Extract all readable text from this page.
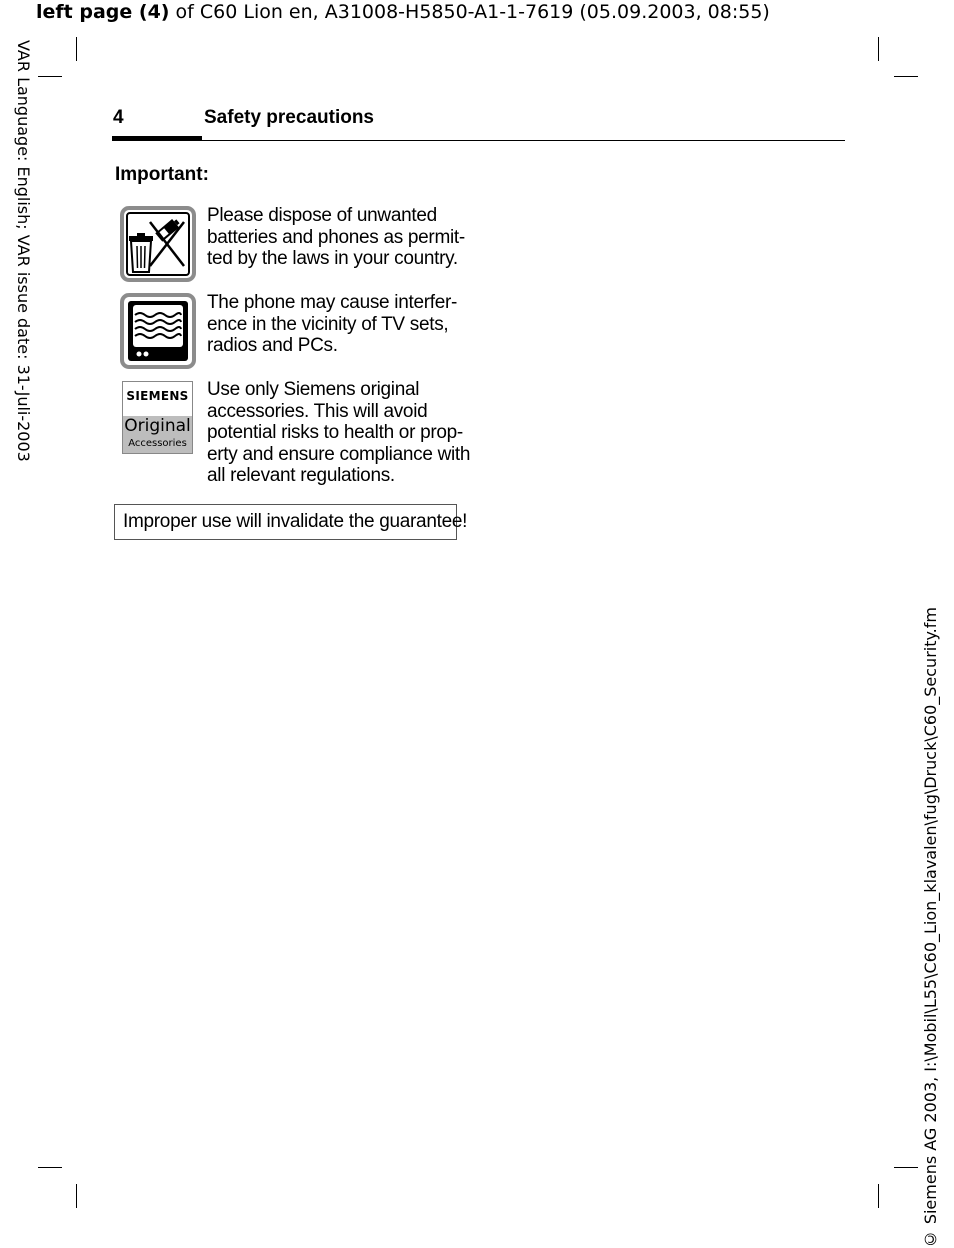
left page (4) of C60 Lion en, A31008-H5850-A1-1-7619 (05.09.2003, 08:55)
VAR Language: English; VAR issue date: 31-Juli-2003
© Siemens AG 2003, I:\Mobil\L55\C60_Lion_klavalen\fug\Druck\C60_Security.fm
4	Safety precautions
Important:
Please dispose of unwanted
batteries and phones as permit-
ted by the laws in your country.
The phone may cause interfer-
ence in the vicinity of TV sets,
radios and PCs.
SIEMENS
Original
Accessories
Use only Siemens original
accessories. This will avoid
potential risks to health or prop-
erty and ensure compliance with
all relevant regulations.
Improper use will invalidate the guarantee!
